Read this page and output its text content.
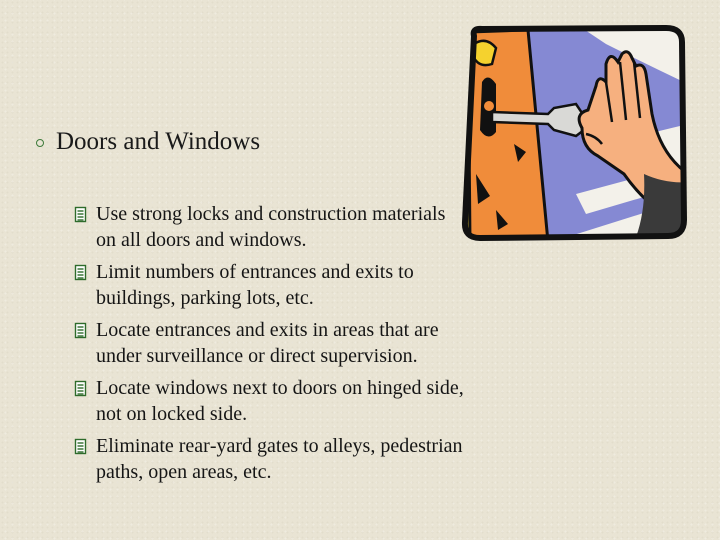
Doors and Windows
Use strong locks and construction materials on all doors and windows.
Limit numbers of entrances and exits to buildings, parking lots, etc.
Locate entrances and exits in areas that are under surveillance or direct supervision.
Locate windows next to doors on hinged side, not on locked side.
Eliminate rear‑yard gates to alleys, pedestrian paths, open areas, etc.
